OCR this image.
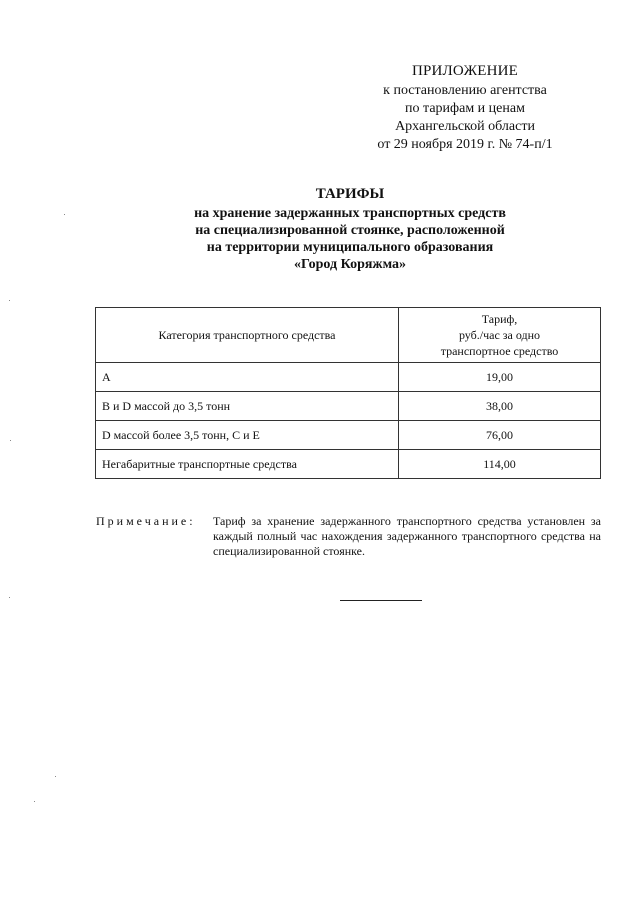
ПРИЛОЖЕНИЕ
к постановлению агентства
по тарифам и ценам
Архангельской области
от 29 ноября 2019 г. № 74-п/1
ТАРИФЫ
на хранение задержанных транспортных средств
на специализированной стоянке, расположенной
на территории муниципального образования
«Город Коряжма»
Категория транспортного средства	Тариф,
руб./час за одно
транспортное средство

А	19,00
В и D массой до 3,5 тонн	38,00
D массой более 3,5 тонн, С и Е	76,00
Негабаритные транспортные средства	114,00
Примечание: Тариф за хранение задержанного транспортного средства установлен за каждый полный час нахождения задержанного транспортного средства на специализированной стоянке.
